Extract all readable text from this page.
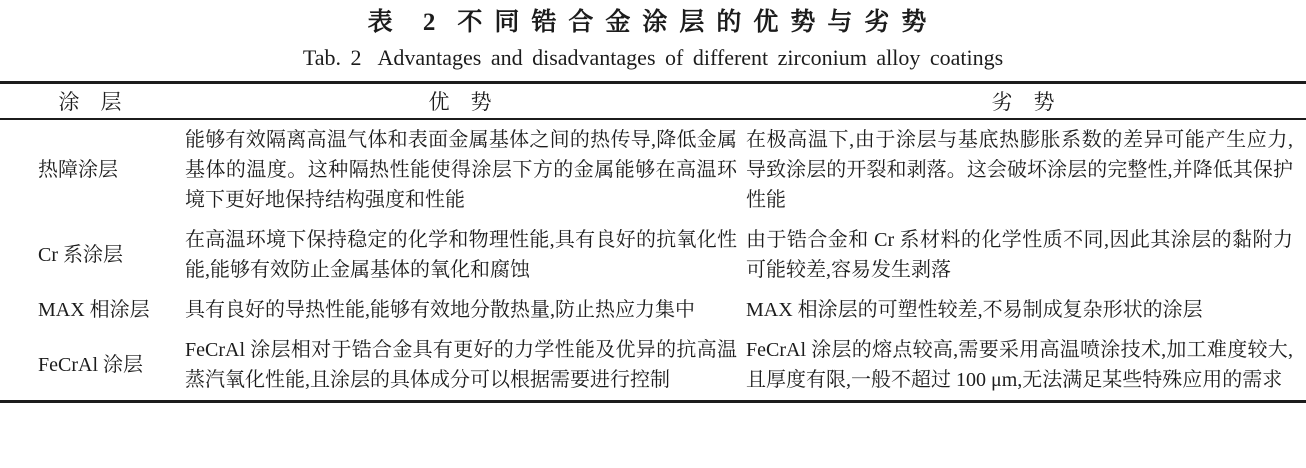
表 2 不同锆合金涂层的优势与劣势
Tab. 2 Advantages and disadvantages of different zirconium alloy coatings
涂　层	优　势	劣　势
热障涂层	能够有效隔离高温气体和表面金属基体之间的热传导,降低金属基体的温度。这种隔热性能使得涂层下方的金属能够在高温环境下更好地保持结构强度和性能	在极高温下,由于涂层与基底热膨胀系数的差异可能产生应力,导致涂层的开裂和剥落。这会破坏涂层的完整性,并降低其保护性能
Cr 系涂层	在高温环境下保持稳定的化学和物理性能,具有良好的抗氧化性能,能够有效防止金属基体的氧化和腐蚀	由于锆合金和 Cr 系材料的化学性质不同,因此其涂层的黏附力可能较差,容易发生剥落
MAX 相涂层	具有良好的导热性能,能够有效地分散热量,防止热应力集中	MAX 相涂层的可塑性较差,不易制成复杂形状的涂层
FeCrAl 涂层	FeCrAl 涂层相对于锆合金具有更好的力学性能及优异的抗高温蒸汽氧化性能,且涂层的具体成分可以根据需要进行控制	FeCrAl 涂层的熔点较高,需要采用高温喷涂技术,加工难度较大,且厚度有限,一般不超过 100 μm,无法满足某些特殊应用的需求
